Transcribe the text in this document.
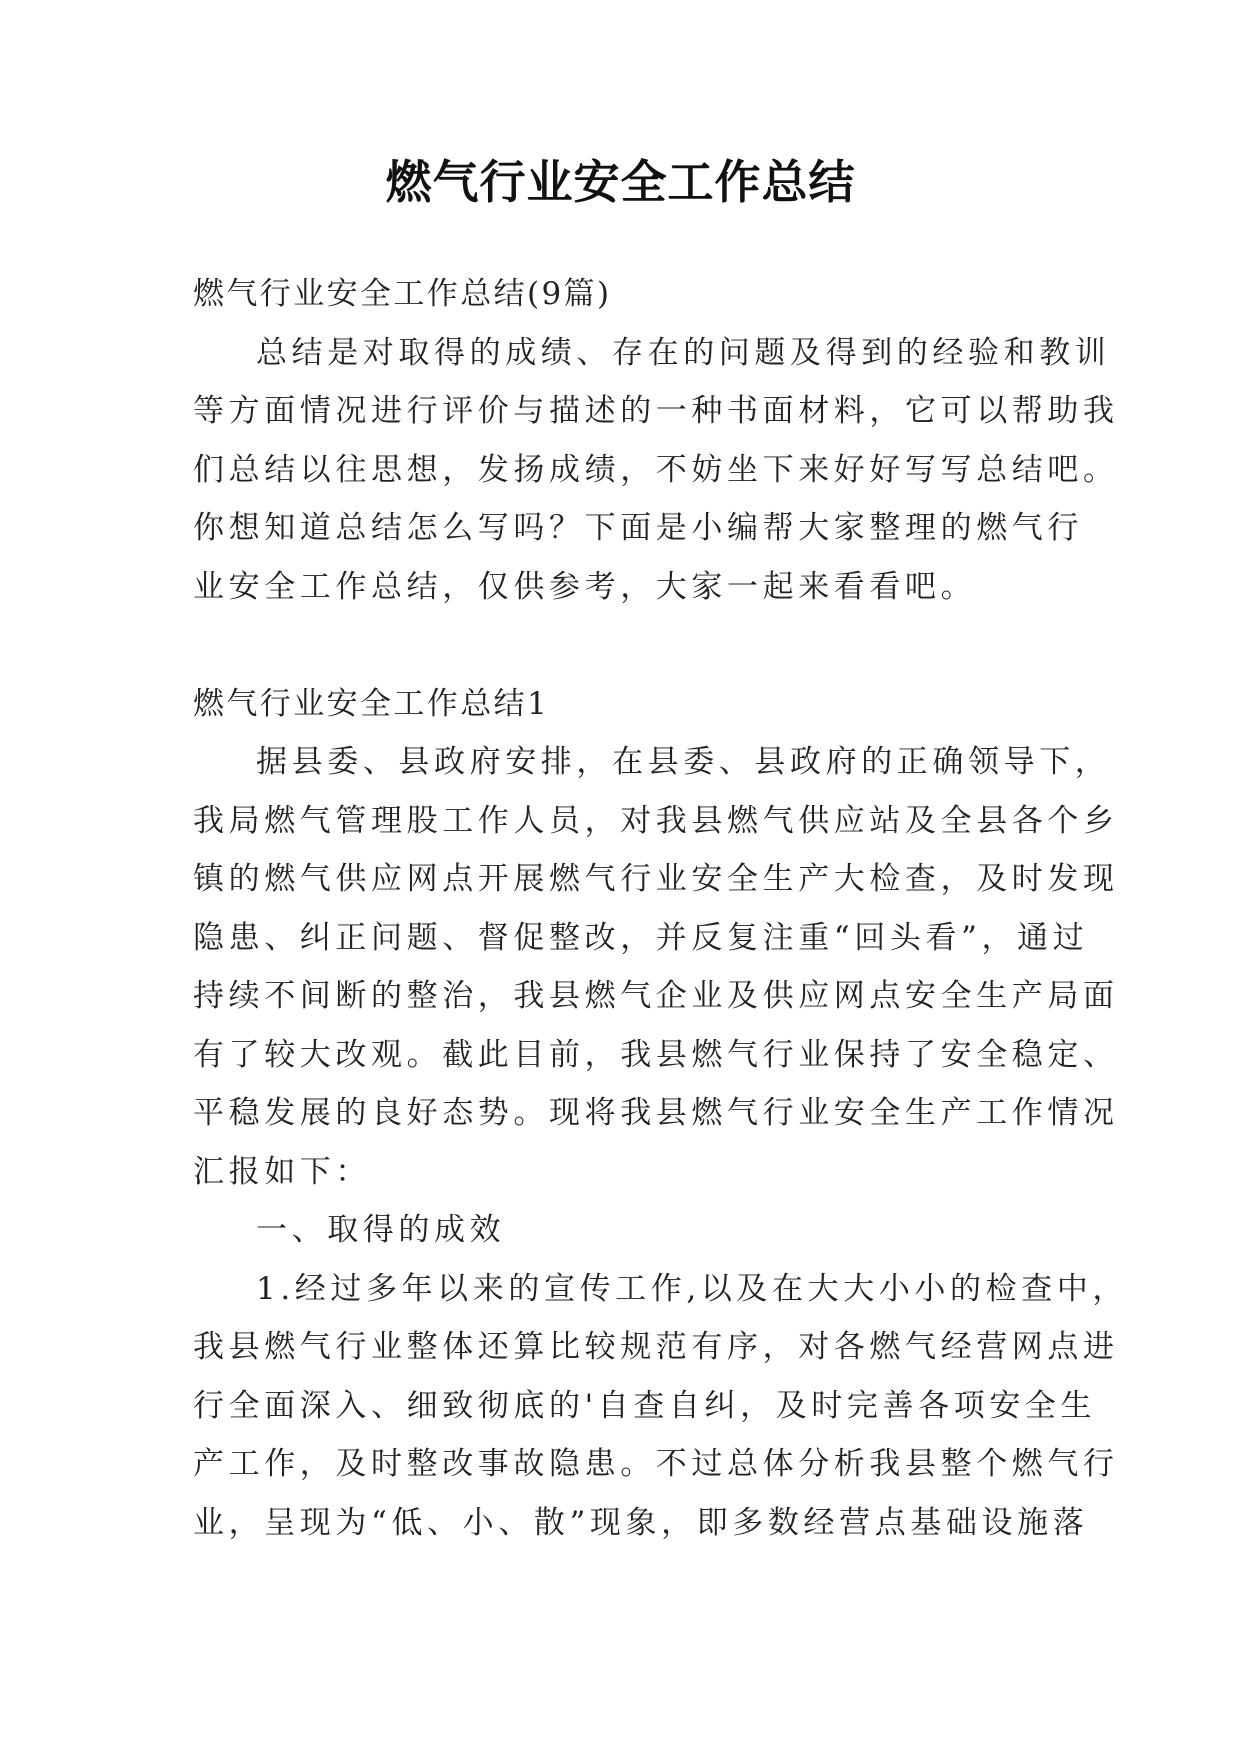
燃气行业安全工作总结
燃气行业安全工作总结(9篇)
总结是对取得的成绩、存在的问题及得到的经验和教训
等方面情况进行评价与描述的一种书面材料，它可以帮助我
们总结以往思想，发扬成绩，不妨坐下来好好写写总结吧。
你想知道总结怎么写吗？下面是小编帮大家整理的燃气行
业安全工作总结，仅供参考，大家一起来看看吧。
燃气行业安全工作总结1
据县委、县政府安排，在县委、县政府的正确领导下，
我局燃气管理股工作人员，对我县燃气供应站及全县各个乡
镇的燃气供应网点开展燃气行业安全生产大检查，及时发现
隐患、纠正问题、督促整改，并反复注重“回头看”，通过
持续不间断的整治，我县燃气企业及供应网点安全生产局面
有了较大改观。截此目前，我县燃气行业保持了安全稳定、
平稳发展的良好态势。现将我县燃气行业安全生产工作情况
汇报如下：
一、取得的成效
1.经过多年以来的宣传工作,以及在大大小小的检查中，
我县燃气行业整体还算比较规范有序，对各燃气经营网点进
行全面深入、细致彻底的'自查自纠，及时完善各项安全生
产工作，及时整改事故隐患。不过总体分析我县整个燃气行
业，呈现为“低、小、散”现象，即多数经营点基础设施落
